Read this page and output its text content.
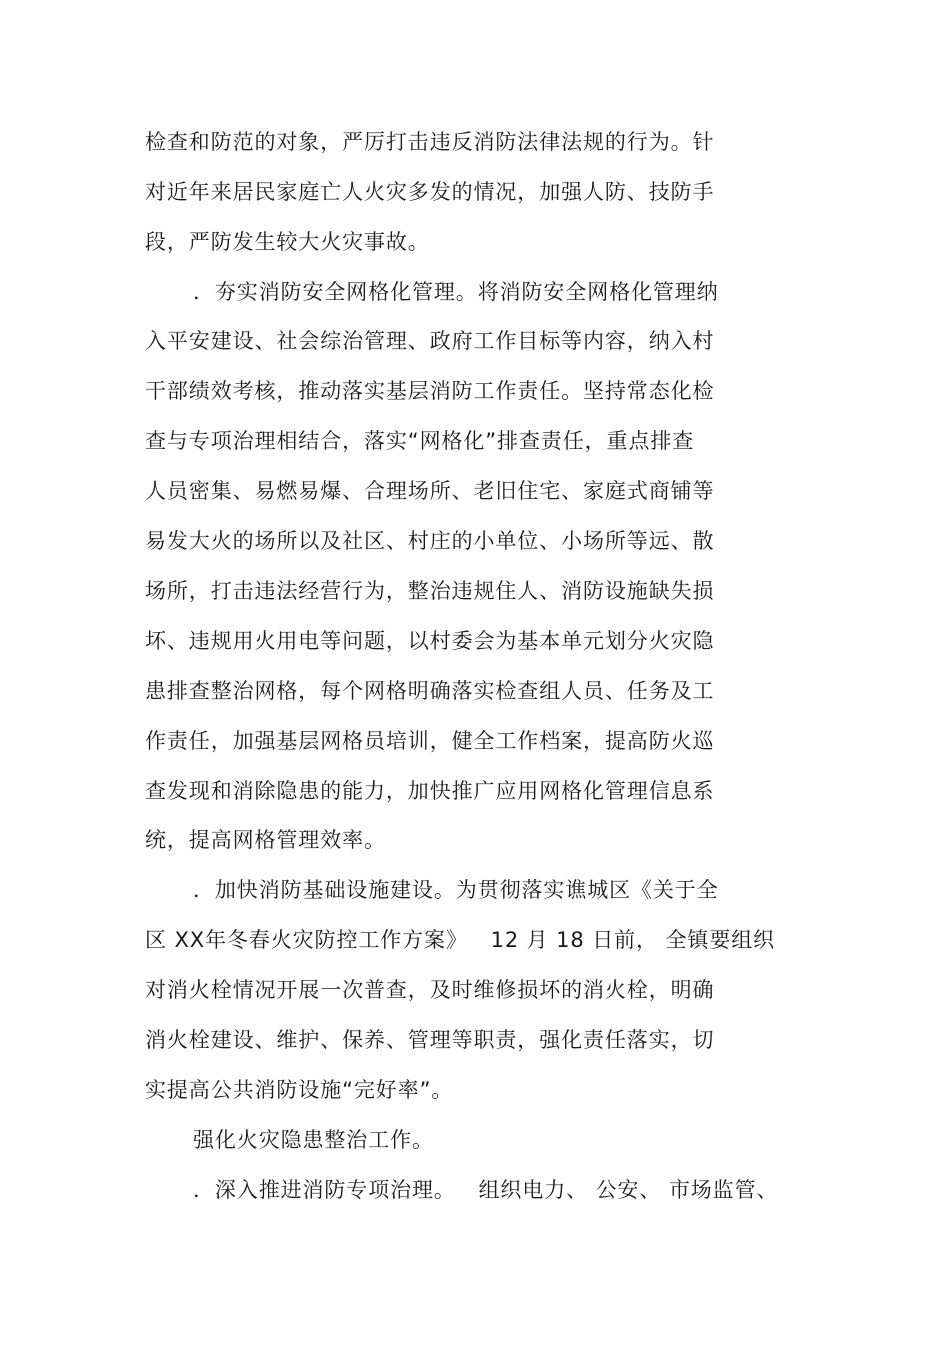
检查和防范的对象，严厉打击违反消防法律法规的行为。针
对近年来居民家庭亡人火灾多发的情况，加强人防、技防手
段，严防发生较大火灾事故。
．夯实消防安全网格化管理。将消防安全网格化管理纳
入平安建设、社会综治管理、政府工作目标等内容，纳入村
干部绩效考核，推动落实基层消防工作责任。坚持常态化检
查与专项治理相结合，落实“网格化”排查责任，重点排查
人员密集、易燃易爆、合理场所、老旧住宅、家庭式商铺等
易发大火的场所以及社区、村庄的小单位、小场所等远、散
场所，打击违法经营行为，整治违规住人、消防设施缺失损
坏、违规用火用电等问题，以村委会为基本单元划分火灾隐
患排查整治网格，每个网格明确落实检查组人员、任务及工
作责任，加强基层网格员培训，健全工作档案，提高防火巡
查发现和消除隐患的能力，加快推广应用网格化管理信息系
统，提高网格管理效率。
．加快消防基础设施建设。为贯彻落实谯城区《关于全
区 XX年冬春火灾防控工作方案》   12 月 18 日前， 全镇要组织
对消火栓情况开展一次普查，及时维修损坏的消火栓，明确
消火栓建设、维护、保养、管理等职责，强化责任落实，切
实提高公共消防设施“完好率”。
强化火灾隐患整治工作。
．深入推进消防专项治理。   组织电力、 公安、 市场监管、
